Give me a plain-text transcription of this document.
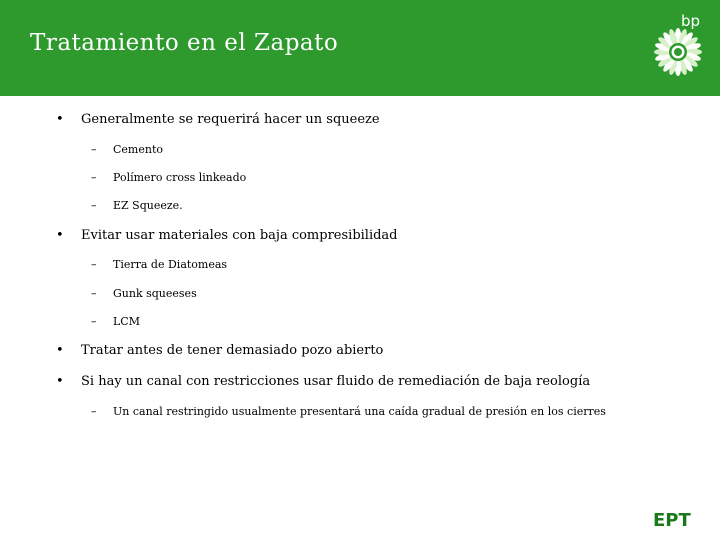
Tratamiento en el Zapato
bp
• Generalmente se requerirá hacer un squeeze
– Cemento
– Polímero cross linkeado
– EZ Squeeze.
• Evitar usar materiales con baja compresibilidad
– Tierra de Diatomeas
– Gunk squeeses
– LCM
• Tratar antes de tener demasiado pozo abierto
• Si hay un canal con restricciones usar fluido de remediación de baja reología
– Un canal restringido usualmente presentará una caída gradual de presión en los cierres
EPT
